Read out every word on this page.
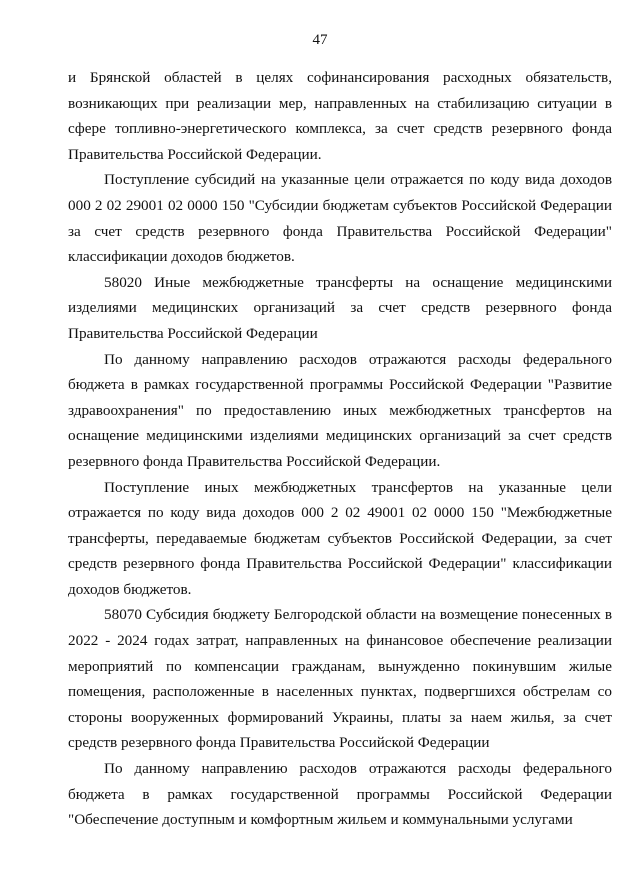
47

и Брянской областей в целях софинансирования расходных обязательств, возникающих при реализации мер, направленных на стабилизацию ситуации в сфере топливно-энергетического комплекса, за счет средств резервного фонда Правительства Российской Федерации.

Поступление субсидий на указанные цели отражается по коду вида доходов 000 2 02 29001 02 0000 150 "Субсидии бюджетам субъектов Российской Федерации за счет средств резервного фонда Правительства Российской Федерации" классификации доходов бюджетов.

58020 Иные межбюджетные трансферты на оснащение медицинскими изделиями медицинских организаций за счет средств резервного фонда Правительства Российской Федерации

По данному направлению расходов отражаются расходы федерального бюджета в рамках государственной программы Российской Федерации "Развитие здравоохранения" по предоставлению иных межбюджетных трансфертов на оснащение медицинскими изделиями медицинских организаций за счет средств резервного фонда Правительства Российской Федерации.

Поступление иных межбюджетных трансфертов на указанные цели отражается по коду вида доходов 000 2 02 49001 02 0000 150 "Межбюджетные трансферты, передаваемые бюджетам субъектов Российской Федерации, за счет средств резервного фонда Правительства Российской Федерации" классификации доходов бюджетов.

58070 Субсидия бюджету Белгородской области на возмещение понесенных в 2022 - 2024 годах затрат, направленных на финансовое обеспечение реализации мероприятий по компенсации гражданам, вынужденно покинувшим жилые помещения, расположенные в населенных пунктах, подвергшихся обстрелам со стороны вооруженных формирований Украины, платы за наем жилья, за счет средств резервного фонда Правительства Российской Федерации

По данному направлению расходов отражаются расходы федерального бюджета в рамках государственной программы Российской Федерации "Обеспечение доступным и комфортным жильем и коммунальными услугами
